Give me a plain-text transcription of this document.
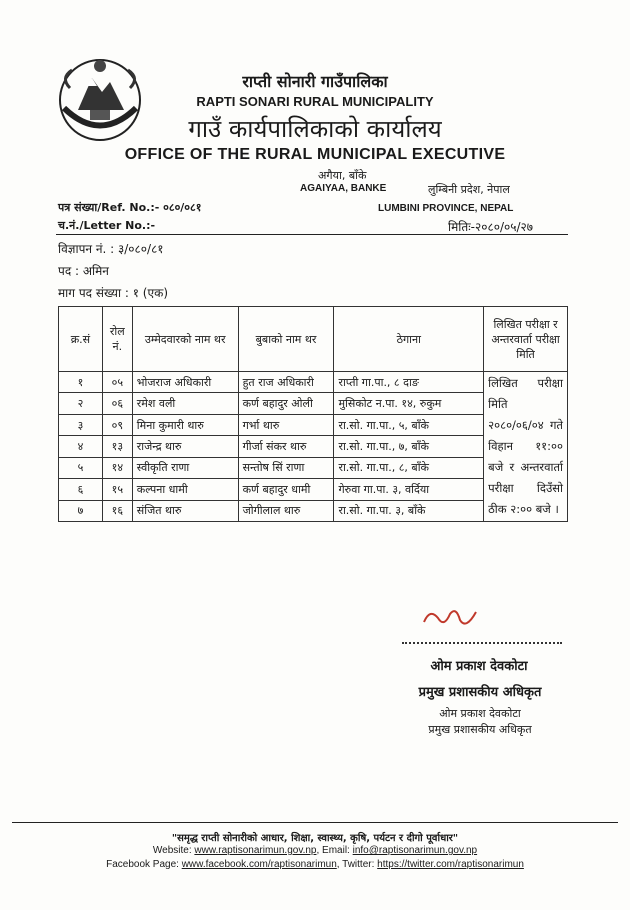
राप्ती सोनारी गाउँपालिका
RAPTI SONARI RURAL MUNICIPALITY
गाउँ कार्यपालिकाको कार्यालय
OFFICE OF THE RURAL MUNICIPAL EXECUTIVE
अगैया, बाँके
AGAIYAA, BANKE	लुम्बिनी प्रदेश, नेपाल
LUMBINI PROVINCE, NEPAL
पत्र संख्या/Ref. No.:- ०८०/०८१
च.नं./Letter No.:-	मितिः-२०८०/०५/२७
विज्ञापन नं. : ३/०८०/८१
पद : अमिन
माग पद संख्या : १ (एक)
क्र.सं	रोल नं.	उम्मेदवारको नाम थर	बुबाको नाम थर	ठेगाना	लिखित परीक्षा र अन्तरवार्ता परीक्षा मिति
१	०५	भोजराज अधिकारी	हुत राज अधिकारी	राप्ती गा.पा., ८ दाङ	लिखित परीक्षा मिति २०८०/०६/०४ गते विहान ११:०० बजे र अन्तरवार्ता परीक्षा दिउँसो ठीक २:०० बजे ।
२	०६	रमेश वली	कर्ण बहादुर ओली	मुसिकोट न.पा. १४, रुकुम	
३	०९	मिना कुमारी थारु	गर्भा थारु	रा.सो. गा.पा., ५, बाँके	
४	१३	राजेन्द्र थारु	गीर्जा संकर थारु	रा.सो. गा.पा., ७, बाँके	
५	१४	स्वीकृति राणा	सन्तोष सिं राणा	रा.सो. गा.पा., ८, बाँके	
६	१५	कल्पना धामी	कर्ण बहादुर धामी	गेरुवा गा.पा. ३, वर्दिया	
७	१६	संजित थारु	जोगीलाल थारु	रा.सो. गा.पा. ३, बाँके	
ओम प्रकाश देवकोटा
प्रमुख प्रशासकीय अधिकृत
ओम प्रकाश देवकोटा
प्रमुख प्रशासकीय अधिकृत
"समृद्ध राप्ती सोनारीको आधार, शिक्षा, स्वास्थ्य, कृषि, पर्यटन र दीगो पूर्वाधार"
Website: www.raptisonarimun.gov.np, Email: info@raptisonarimun.gov.np
Facebook Page: www.facebook.com/raptisonarimun, Twitter: https://twitter.com/raptisonarimun
